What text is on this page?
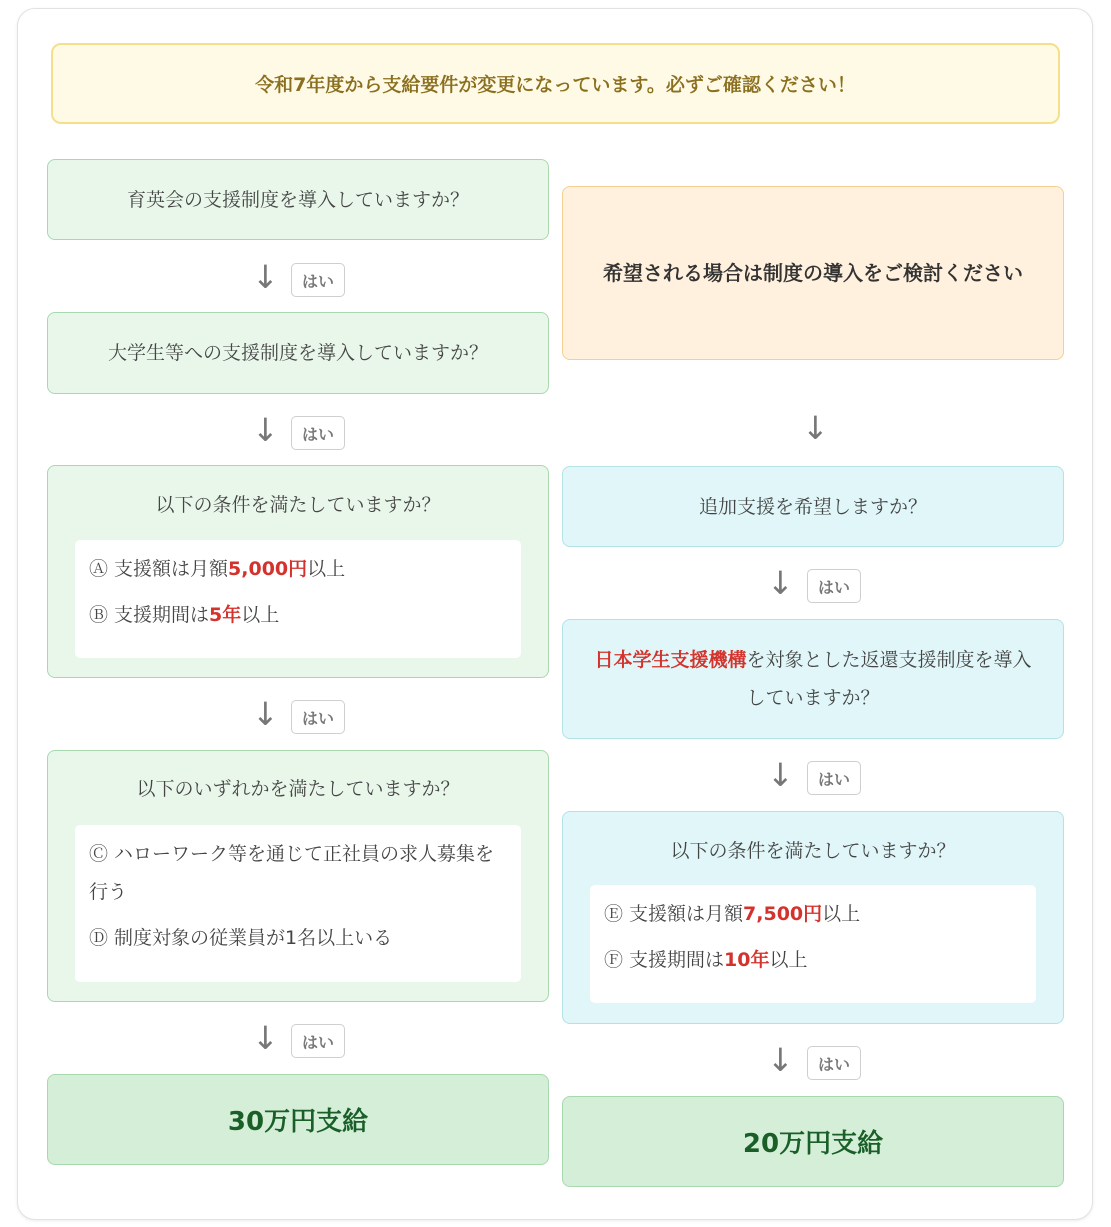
令和7年度から支給要件が変更になっています。必ずご確認ください！
育英会の支援制度を導入していますか？
↓ はい
大学生等への支援制度を導入していますか？
↓ はい
以下の条件を満たしていますか？
Ⓐ 支援額は月額5,000円以上
Ⓑ 支援期間は5年以上
↓ はい
以下のいずれかを満たしていますか？
Ⓒ ハローワーク等を通じて正社員の求人募集を行う
Ⓓ 制度対象の従業員が1名以上いる
↓ はい
30万円支給
希望される場合は制度の導入をご検討ください
↓
追加支援を希望しますか？
↓ はい
日本学生支援機構を対象とした返還支援制度を導入していますか？
↓ はい
以下の条件を満たしていますか？
Ⓔ 支援額は月額7,500円以上
Ⓕ 支援期間は10年以上
↓ はい
20万円支給
